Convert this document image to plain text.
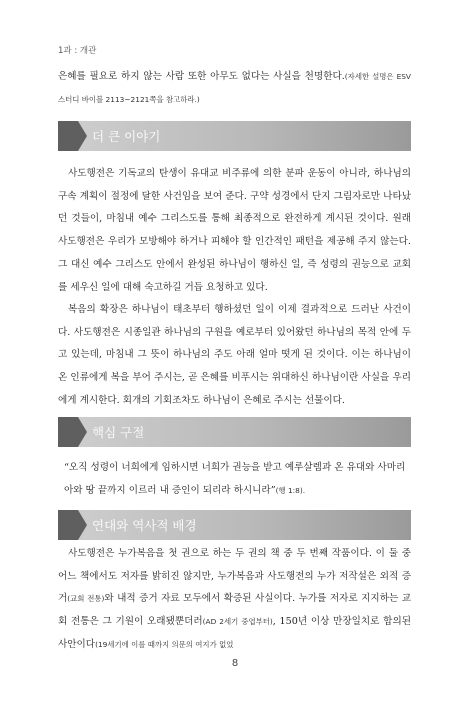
1과 : 개관

은혜를 필요로 하지 않는 사람 또한 아무도 없다는 사실을 천명한다.(자세한 설명은 ESV 스터디 바이블 2113~2121쪽을 참고하라.)

더 큰 이야기

사도행전은 기독교의 탄생이 유대교 비주류에 의한 분파 운동이 아니라, 하나님의 구속 계획이 절정에 달한 사건임을 보여 준다. 구약 성경에서 단지 그림자로만 나타났던 것들이, 마침내 예수 그리스도를 통해 최종적으로 완전하게 계시된 것이다. 원래 사도행전은 우리가 모방해야 하거나 피해야 할 인간적인 패턴을 제공해 주지 않는다. 그 대신 예수 그리스도 안에서 완성된 하나님이 행하신 일, 즉 성령의 권능으로 교회를 세우신 일에 대해 숙고하길 거듭 요청하고 있다.

복음의 확장은 하나님이 태초부터 행하셨던 일이 이제 결과적으로 드러난 사건이다. 사도행전은 시종일관 하나님의 구원을 예로부터 있어왔던 하나님의 목적 안에 두고 있는데, 마침내 그 뜻이 하나님의 주도 아래 얼마 떳게 된 것이다. 이는 하나님이 온 인류에게 복을 부어 주시는, 곧 은혜를 비푸시는 위대하신 하나님이란 사실을 우리에게 계시한다. 회개의 기회조차도 하나님이 은혜로 주시는 선물이다.

핵심 구절

“오직 성령이 너희에게 임하시면 너희가 권능을 받고 예루살렘과 온 유대와 사마리아와 땅 끝까지 이르러 내 증인이 되리라 하시니라”(행 1:8).

연대와 역사적 배경

사도행전은 누가복음을 첫 권으로 하는 두 권의 책 중 두 번째 작품이다. 이 둘 중 어느 책에서도 저자를 밝히진 않지만, 누가복음과 사도행전의 누가 저작설은 외적 증거(교회 전통)와 내적 증거 자료 모두에서 확증된 사실이다. 누가를 저자로 지지하는 교회 전통은 그 기원이 오래됐뿐더러(AD 2세기 중엽부터), 150년 이상 만장일치로 합의된 사안이다(19세기에 이를 때까지 의문의 여지가 없었

8
